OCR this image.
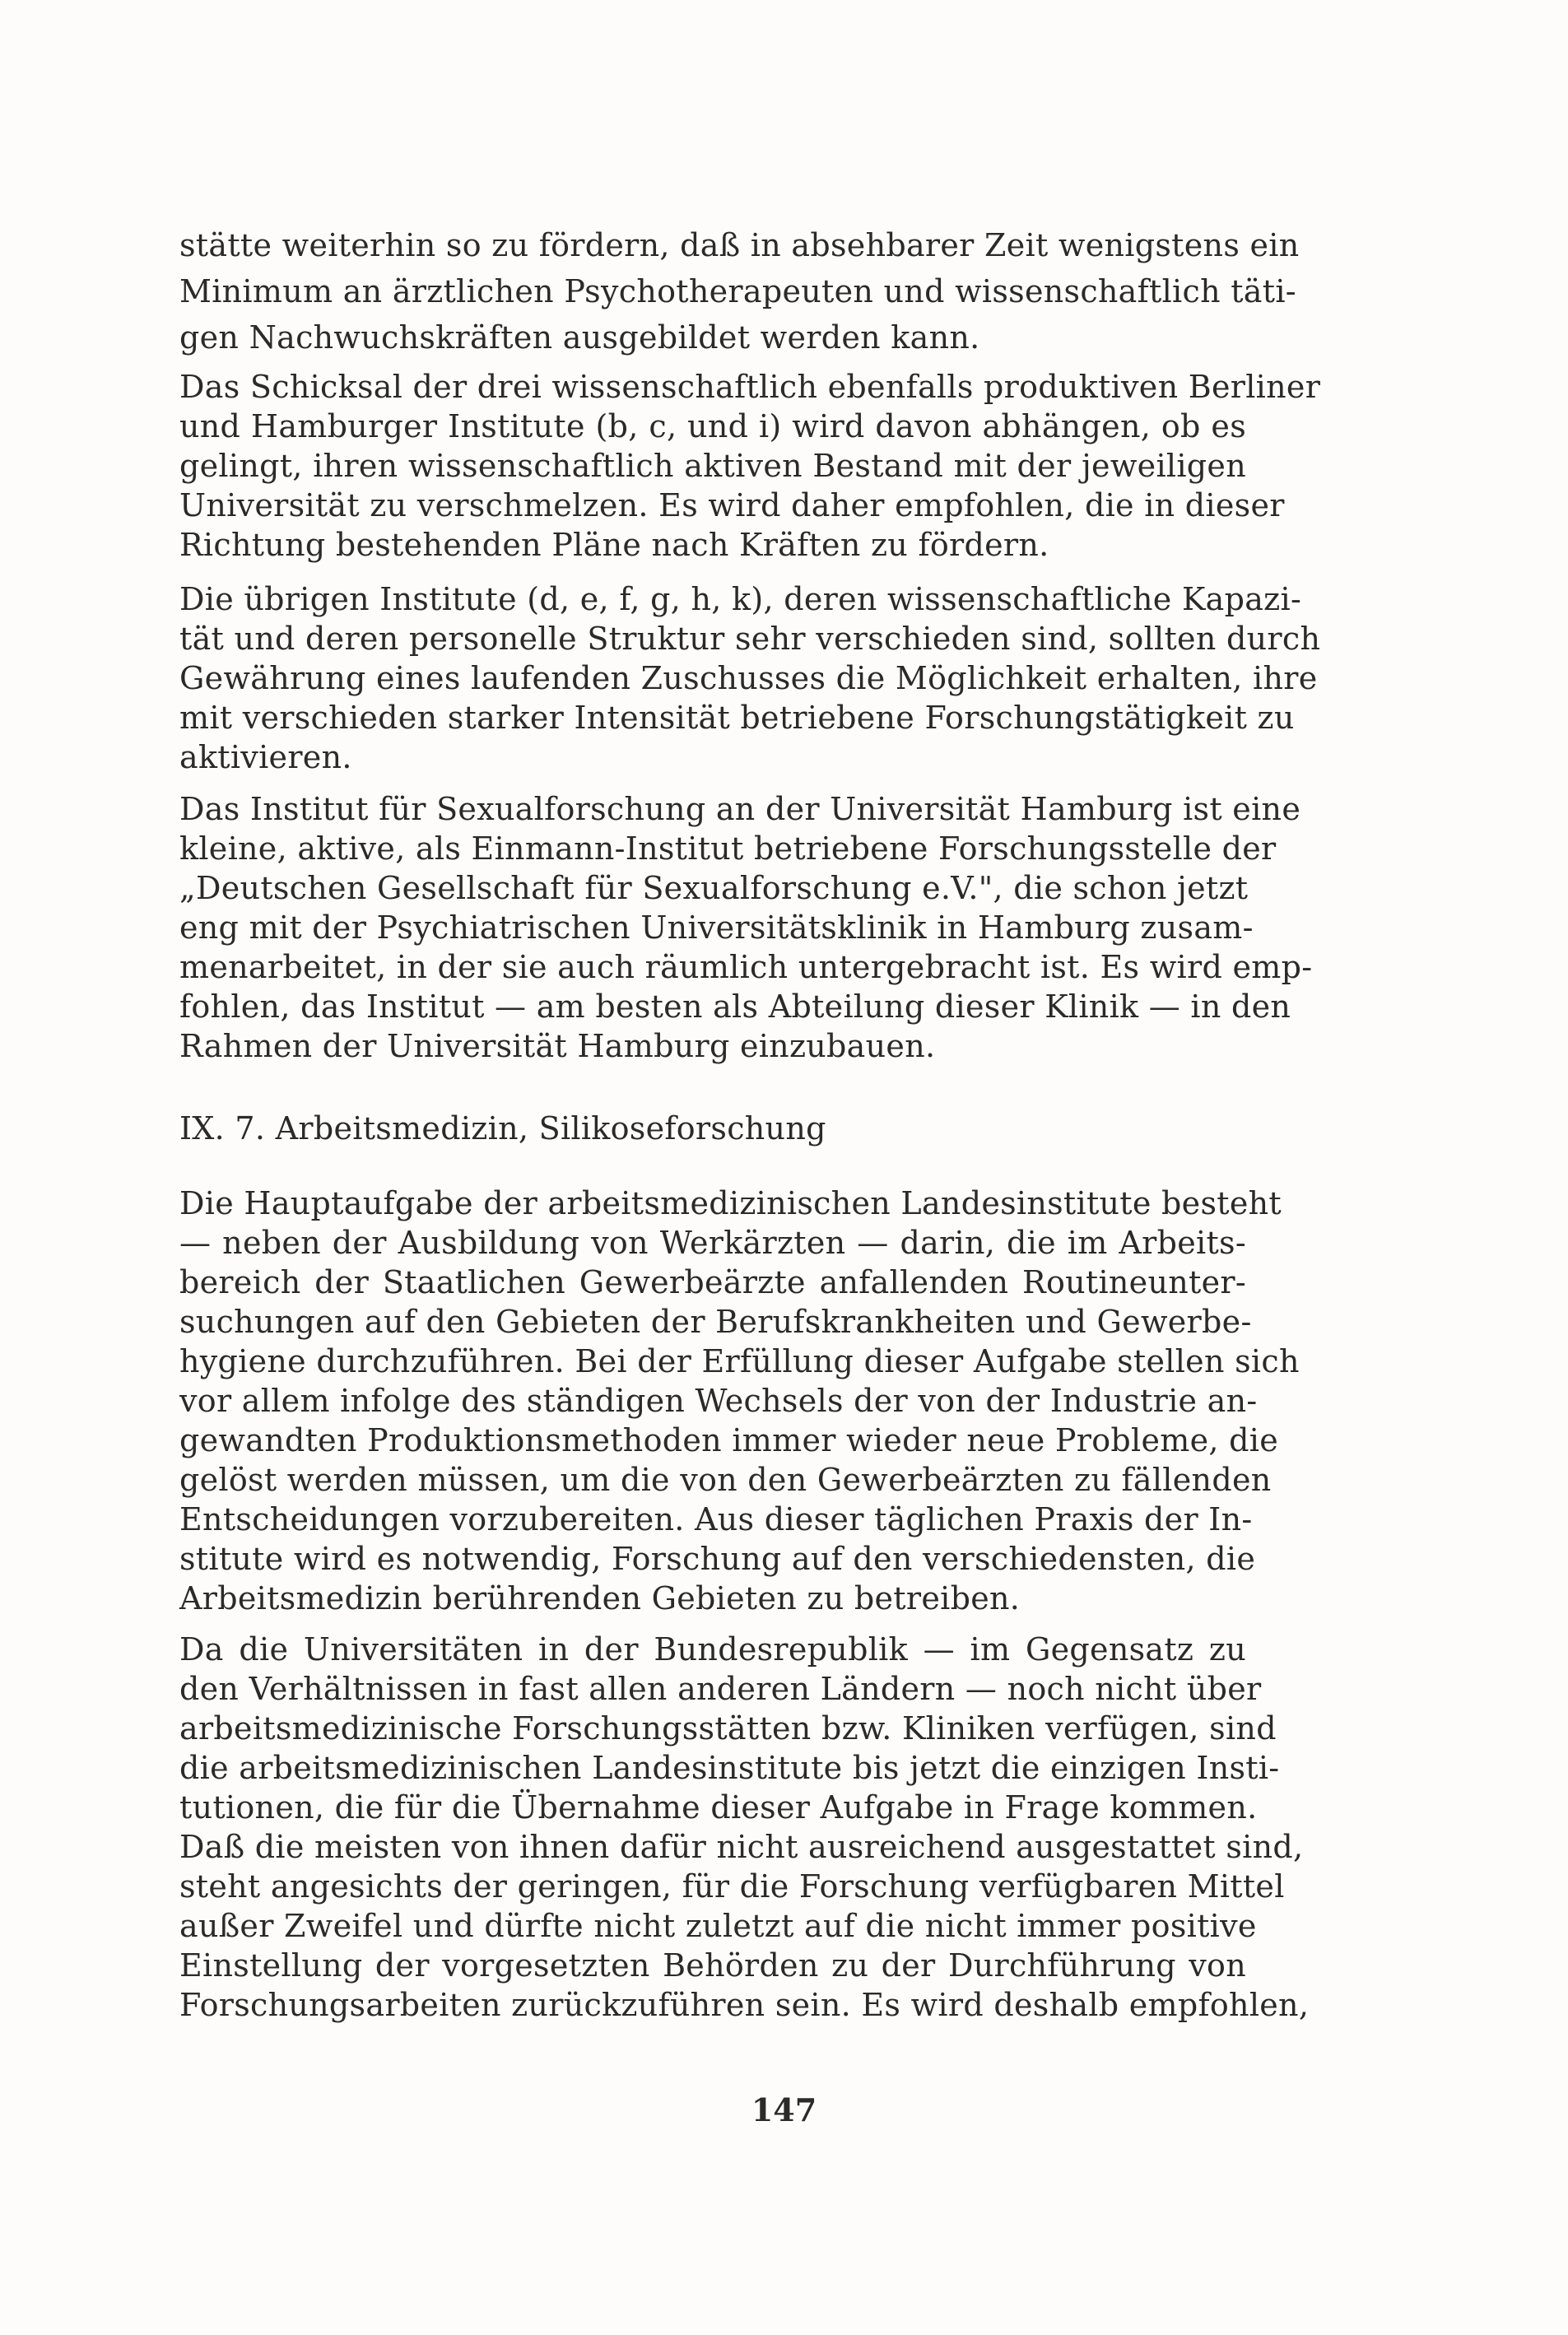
stätte weiterhin so zu fördern, daß in absehbarer Zeit wenigstens ein
Minimum an ärztlichen Psychotherapeuten und wissenschaftlich täti-
gen Nachwuchskräften ausgebildet werden kann.
Das Schicksal der drei wissenschaftlich ebenfalls produktiven Berliner
und Hamburger Institute (b, c, und i) wird davon abhängen, ob es
gelingt, ihren wissenschaftlich aktiven Bestand mit der jeweiligen
Universität zu verschmelzen. Es wird daher empfohlen, die in dieser
Richtung bestehenden Pläne nach Kräften zu fördern.
Die übrigen Institute (d, e, f, g, h, k), deren wissenschaftliche Kapazi-
tät und deren personelle Struktur sehr verschieden sind, sollten durch
Gewährung eines laufenden Zuschusses die Möglichkeit erhalten, ihre
mit verschieden starker Intensität betriebene Forschungstätigkeit zu
aktivieren.
Das Institut für Sexualforschung an der Universität Hamburg ist eine
kleine, aktive, als Einmann-Institut betriebene Forschungsstelle der
„Deutschen Gesellschaft für Sexualforschung e.V.", die schon jetzt
eng mit der Psychiatrischen Universitätsklinik in Hamburg zusam-
menarbeitet, in der sie auch räumlich untergebracht ist. Es wird emp-
fohlen, das Institut — am besten als Abteilung dieser Klinik — in den
Rahmen der Universität Hamburg einzubauen.
IX. 7. Arbeitsmedizin, Silikoseforschung
Die Hauptaufgabe der arbeitsmedizinischen Landesinstitute besteht
— neben der Ausbildung von Werkärzten — darin, die im Arbeits-
bereich der Staatlichen Gewerbeärzte anfallenden Routineunter-
suchungen auf den Gebieten der Berufskrankheiten und Gewerbe-
hygiene durchzuführen. Bei der Erfüllung dieser Aufgabe stellen sich
vor allem infolge des ständigen Wechsels der von der Industrie an-
gewandten Produktionsmethoden immer wieder neue Probleme, die
gelöst werden müssen, um die von den Gewerbeärzten zu fällenden
Entscheidungen vorzubereiten. Aus dieser täglichen Praxis der In-
stitute wird es notwendig, Forschung auf den verschiedensten, die
Arbeitsmedizin berührenden Gebieten zu betreiben.
Da die Universitäten in der Bundesrepublik — im Gegensatz zu
den Verhältnissen in fast allen anderen Ländern — noch nicht über
arbeitsmedizinische Forschungsstätten bzw. Kliniken verfügen, sind
die arbeitsmedizinischen Landesinstitute bis jetzt die einzigen Insti-
tutionen, die für die Übernahme dieser Aufgabe in Frage kommen.
Daß die meisten von ihnen dafür nicht ausreichend ausgestattet sind,
steht angesichts der geringen, für die Forschung verfügbaren Mittel
außer Zweifel und dürfte nicht zuletzt auf die nicht immer positive
Einstellung der vorgesetzten Behörden zu der Durchführung von
Forschungsarbeiten zurückzuführen sein. Es wird deshalb empfohlen,
147
